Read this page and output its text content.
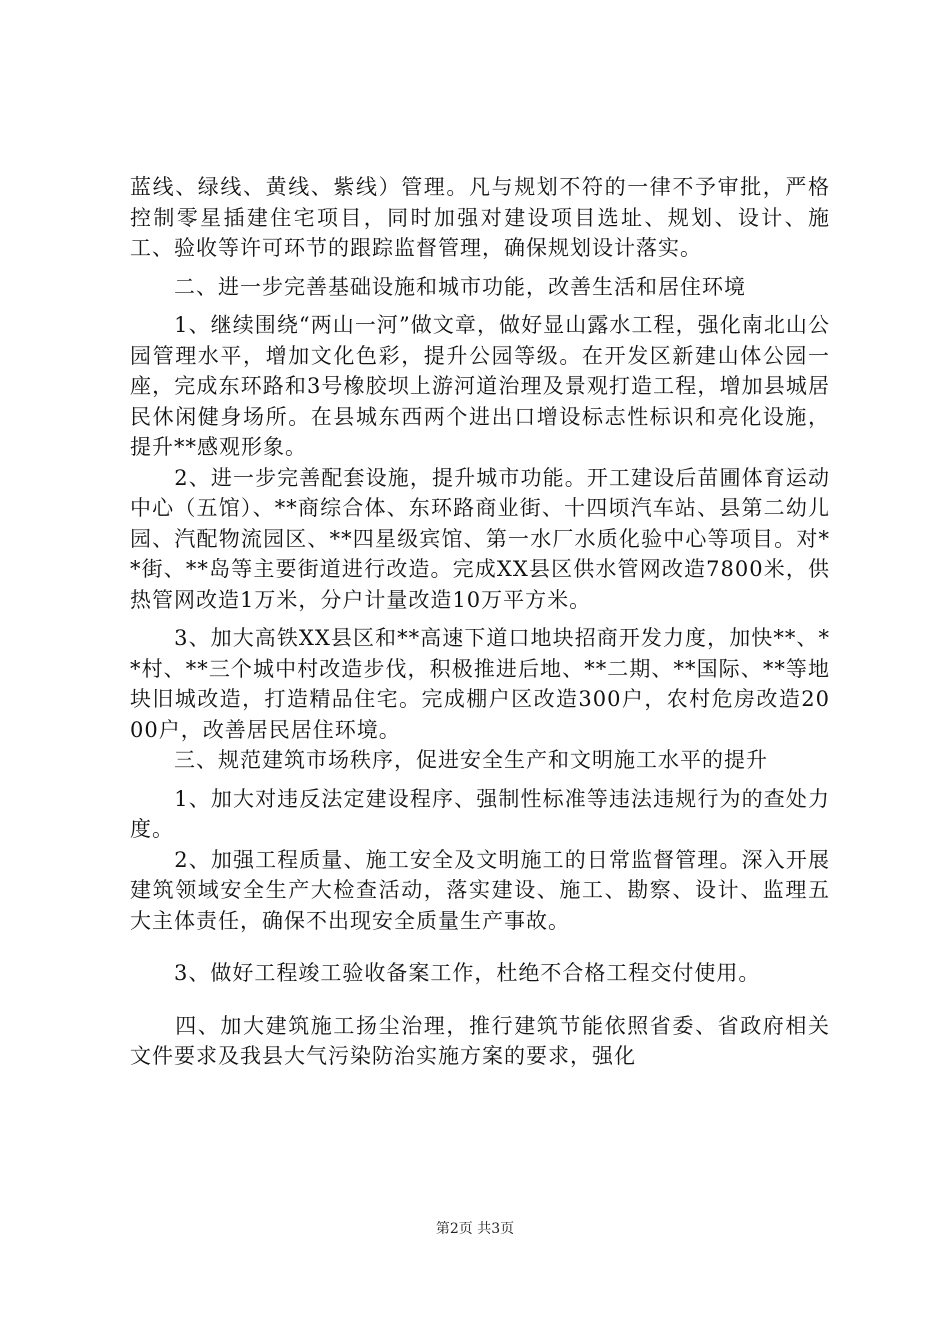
蓝线、绿线、黄线、紫线）管理。凡与规划不符的一律不予审批，严格控制零星插建住宅项目，同时加强对建设项目选址、规划、设计、施工、验收等许可环节的跟踪监督管理，确保规划设计落实。

　　二、进一步完善基础设施和城市功能，改善生活和居住环境

　　1、继续围绕“两山一河”做文章，做好显山露水工程，强化南北山公园管理水平，增加文化色彩，提升公园等级。在开发区新建山体公园一座，完成东环路和3号橡胶坝上游河道治理及景观打造工程，增加县城居民休闲健身场所。在县城东西两个进出口增设标志性标识和亮化设施，提升**感观形象。

　　2、进一步完善配套设施，提升城市功能。开工建设后苗圃体育运动中心（五馆）、**商综合体、东环路商业街、十四顷汽车站、县第二幼儿园、汽配物流园区、**四星级宾馆、第一水厂水质化验中心等项目。对**街、**岛等主要街道进行改造。完成XX县区供水管网改造7800米，供热管网改造1万米，分户计量改造10万平方米。

　　3、加大高铁XX县区和**高速下道口地块招商开发力度，加快**、**村、**三个城中村改造步伐，积极推进后地、**二期、**国际、**等地块旧城改造，打造精品住宅。完成棚户区改造300户，农村危房改造2000户，改善居民居住环境。

　　三、规范建筑市场秩序，促进安全生产和文明施工水平的提升

　　1、加大对违反法定建设程序、强制性标准等违法违规行为的查处力度。

　　2、加强工程质量、施工安全及文明施工的日常监督管理。深入开展建筑领域安全生产大检查活动，落实建设、施工、勘察、设计、监理五大主体责任，确保不出现安全质量生产事故。

　　3、做好工程竣工验收备案工作，杜绝不合格工程交付使用。

　　四、加大建筑施工扬尘治理，推行建筑节能依照省委、省政府相关文件要求及我县大气污染防治实施方案的要求，强化

第2页 共3页
